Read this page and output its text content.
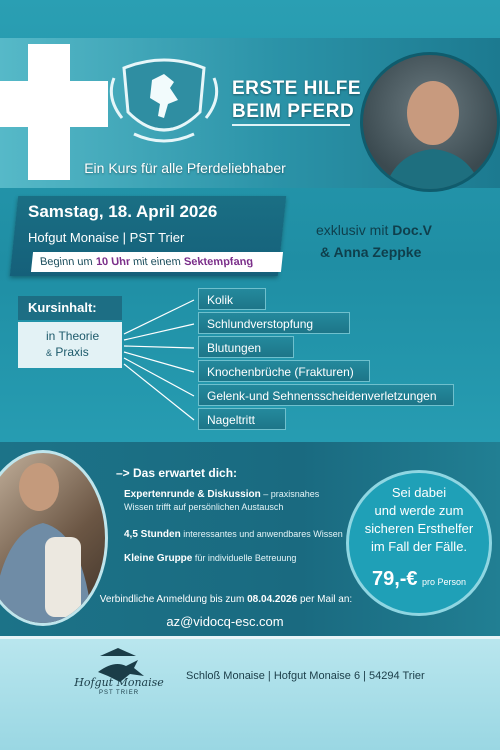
ERSTE HILFE
BEIM PFERD
Ein Kurs für alle Pferdeliebhaber
Samstag, 18. April 2026
Hofgut Monaise | PST Trier
Beginn um 10 Uhr mit einem Sektempfang
exklusiv mit Doc.V
& Anna Zeppke
Kursinhalt:
in Theorie
& Praxis
Kolik
Schlundverstopfung
Blutungen
Knochenbrüche (Frakturen)
Gelenk-und Sehnensscheidenverletzungen
Nageltritt
–> Das erwartet dich:
Expertenrunde & Diskussion – praxisnahes Wissen trifft auf persönlichen Austausch
4,5 Stunden interessantes und anwendbares Wissen
Kleine Gruppe für individuelle Betreuung
Sei dabei
und werde zum
sicheren Ersthelfer
im Fall der Fälle.
79,-€ pro Person
Verbindliche Anmeldung bis zum 08.04.2026 per Mail an:
az@vidocq-esc.com
Hofgut Monaise
PST TRIER
Schloß Monaise | Hofgut Monaise 6 | 54294 Trier
